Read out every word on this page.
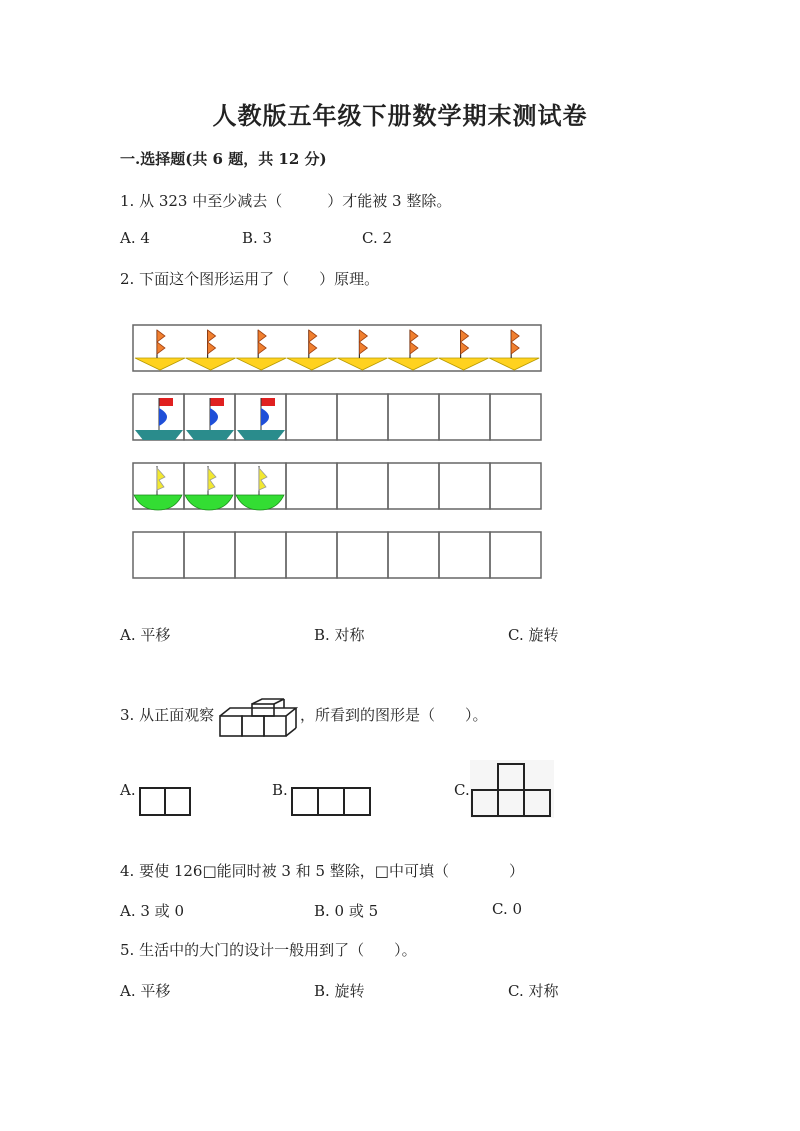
人教版五年级下册数学期末测试卷
一.选择题(共 6 题，共 12 分)
1. 从 323 中至少减去（　　　）才能被 3 整除。
A. 4	B. 3	C. 2
2. 下面这个图形运用了（　　）原理。
A. 平移	B. 对称	C. 旋转
3. 从正面观察	，所看到的图形是（　　）。
A.	B.	C.
4. 要使 126□能同时被 3 和 5 整除，□中可填（　　　　）
A. 3 或 0	B. 0 或 5	C. 0
5. 生活中的大门的设计一般用到了（　　）。
A. 平移	B. 旋转	C. 对称
